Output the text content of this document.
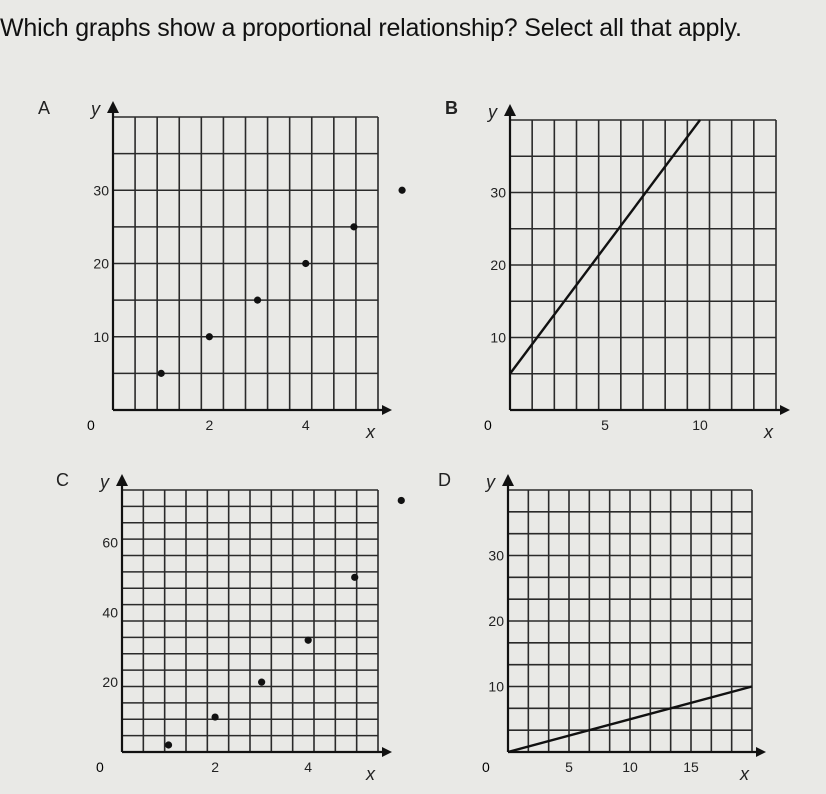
Which graphs show a proportional relationship? Select all that apply.
A	B
C	D
y
x
0
10
20
30
2	4
y
x
0
10
20
30
5	10
y
x
0
20
40
60
2	4
y
x
0
10
20
30
5	10	15
